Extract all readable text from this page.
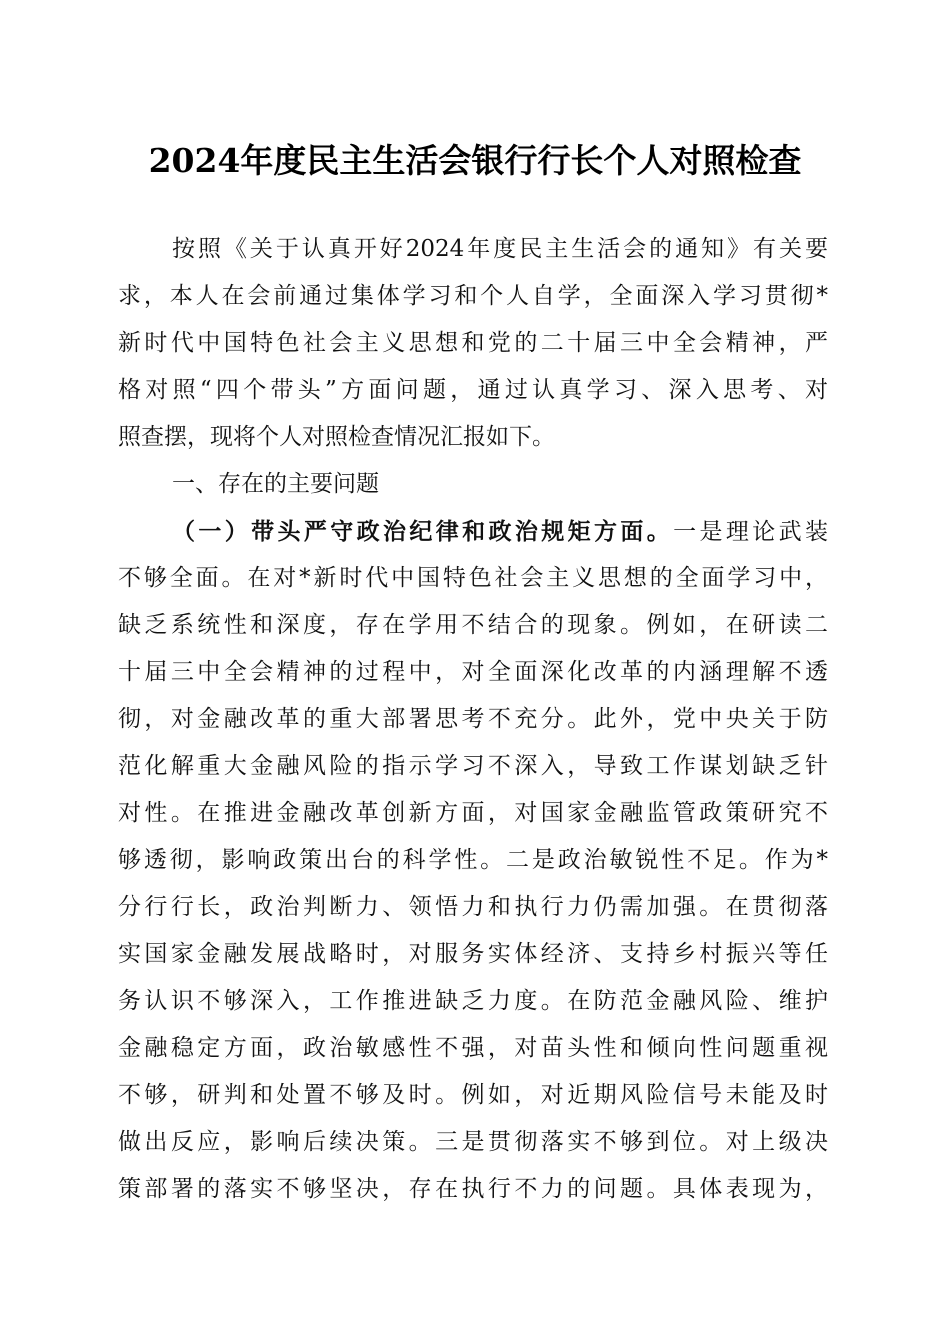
2024年度民主生活会银行行长个人对照检查
按照《关于认真开好2024年度民主生活会的通知》有关要
求，本人在会前通过集体学习和个人自学，全面深入学习贯彻*
新时代中国特色社会主义思想和党的二十届三中全会精神，严
格对照“四个带头”方面问题，通过认真学习、深入思考、对
照查摆，现将个人对照检查情况汇报如下。
一、存在的主要问题
（一）带头严守政治纪律和政治规矩方面。一是理论武装
不够全面。在对*新时代中国特色社会主义思想的全面学习中，
缺乏系统性和深度，存在学用不结合的现象。例如，在研读二
十届三中全会精神的过程中，对全面深化改革的内涵理解不透
彻，对金融改革的重大部署思考不充分。此外，党中央关于防
范化解重大金融风险的指示学习不深入，导致工作谋划缺乏针
对性。在推进金融改革创新方面，对国家金融监管政策研究不
够透彻，影响政策出台的科学性。二是政治敏锐性不足。作为*
分行行长，政治判断力、领悟力和执行力仍需加强。在贯彻落
实国家金融发展战略时，对服务实体经济、支持乡村振兴等任
务认识不够深入，工作推进缺乏力度。在防范金融风险、维护
金融稳定方面，政治敏感性不强，对苗头性和倾向性问题重视
不够，研判和处置不够及时。例如，对近期风险信号未能及时
做出反应，影响后续决策。三是贯彻落实不够到位。对上级决
策部署的落实不够坚决，存在执行不力的问题。具体表现为，
